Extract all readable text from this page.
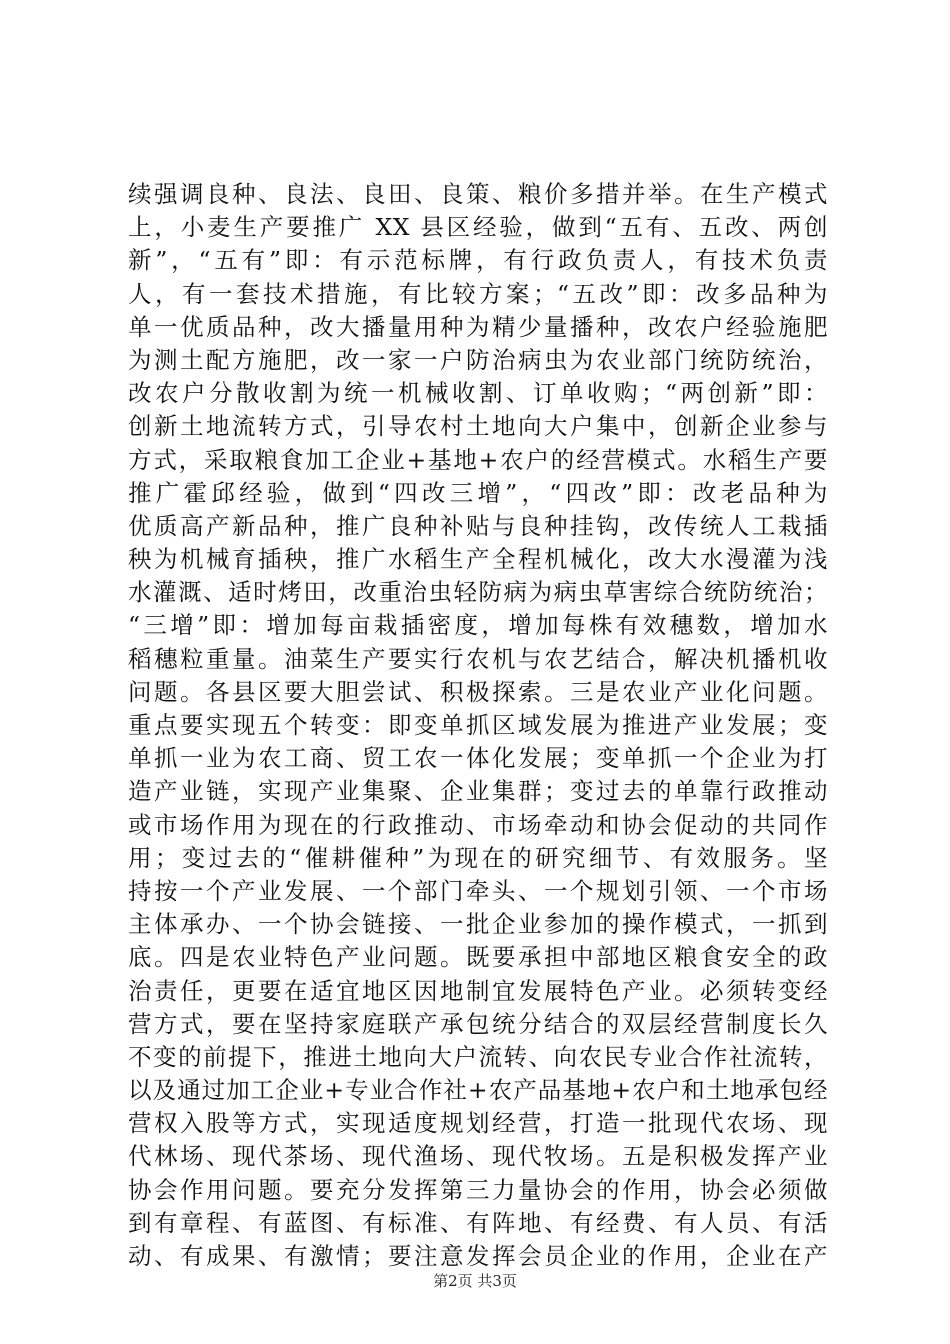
续强调良种、良法、良田、良策、粮价多措并举。在生产模式
上，小麦生产要推广 XX 县区经验，做到“五有、五改、两创
新”，“五有”即：有示范标牌，有行政负责人，有技术负责
人，有一套技术措施，有比较方案；“五改”即：改多品种为
单一优质品种，改大播量用种为精少量播种，改农户经验施肥
为测土配方施肥，改一家一户防治病虫为农业部门统防统治，
改农户分散收割为统一机械收割、订单收购；“两创新”即：
创新土地流转方式，引导农村土地向大户集中，创新企业参与
方式，采取粮食加工企业+基地+农户的经营模式。水稻生产要
推广霍邱经验，做到“四改三增”，“四改”即：改老品种为
优质高产新品种，推广良种补贴与良种挂钩，改传统人工栽插
秧为机械育插秧，推广水稻生产全程机械化，改大水漫灌为浅
水灌溉、适时烤田，改重治虫轻防病为病虫草害综合统防统治；
“三增”即：增加每亩栽插密度，增加每株有效穗数，增加水
稻穗粒重量。油菜生产要实行农机与农艺结合，解决机播机收
问题。各县区要大胆尝试、积极探索。三是农业产业化问题。
重点要实现五个转变：即变单抓区域发展为推进产业发展；变
单抓一业为农工商、贸工农一体化发展；变单抓一个企业为打
造产业链，实现产业集聚、企业集群；变过去的单靠行政推动
或市场作用为现在的行政推动、市场牵动和协会促动的共同作
用；变过去的“催耕催种”为现在的研究细节、有效服务。坚
持按一个产业发展、一个部门牵头、一个规划引领、一个市场
主体承办、一个协会链接、一批企业参加的操作模式，一抓到
底。四是农业特色产业问题。既要承担中部地区粮食安全的政
治责任，更要在适宜地区因地制宜发展特色产业。必须转变经
营方式，要在坚持家庭联产承包统分结合的双层经营制度长久
不变的前提下，推进土地向大户流转、向农民专业合作社流转，
以及通过加工企业+专业合作社+农产品基地+农户和土地承包经
营权入股等方式，实现适度规划经营，打造一批现代农场、现
代林场、现代茶场、现代渔场、现代牧场。五是积极发挥产业
协会作用问题。要充分发挥第三力量协会的作用，协会必须做
到有章程、有蓝图、有标准、有阵地、有经费、有人员、有活
动、有成果、有激情；要注意发挥会员企业的作用，企业在产
第2页 共3页
